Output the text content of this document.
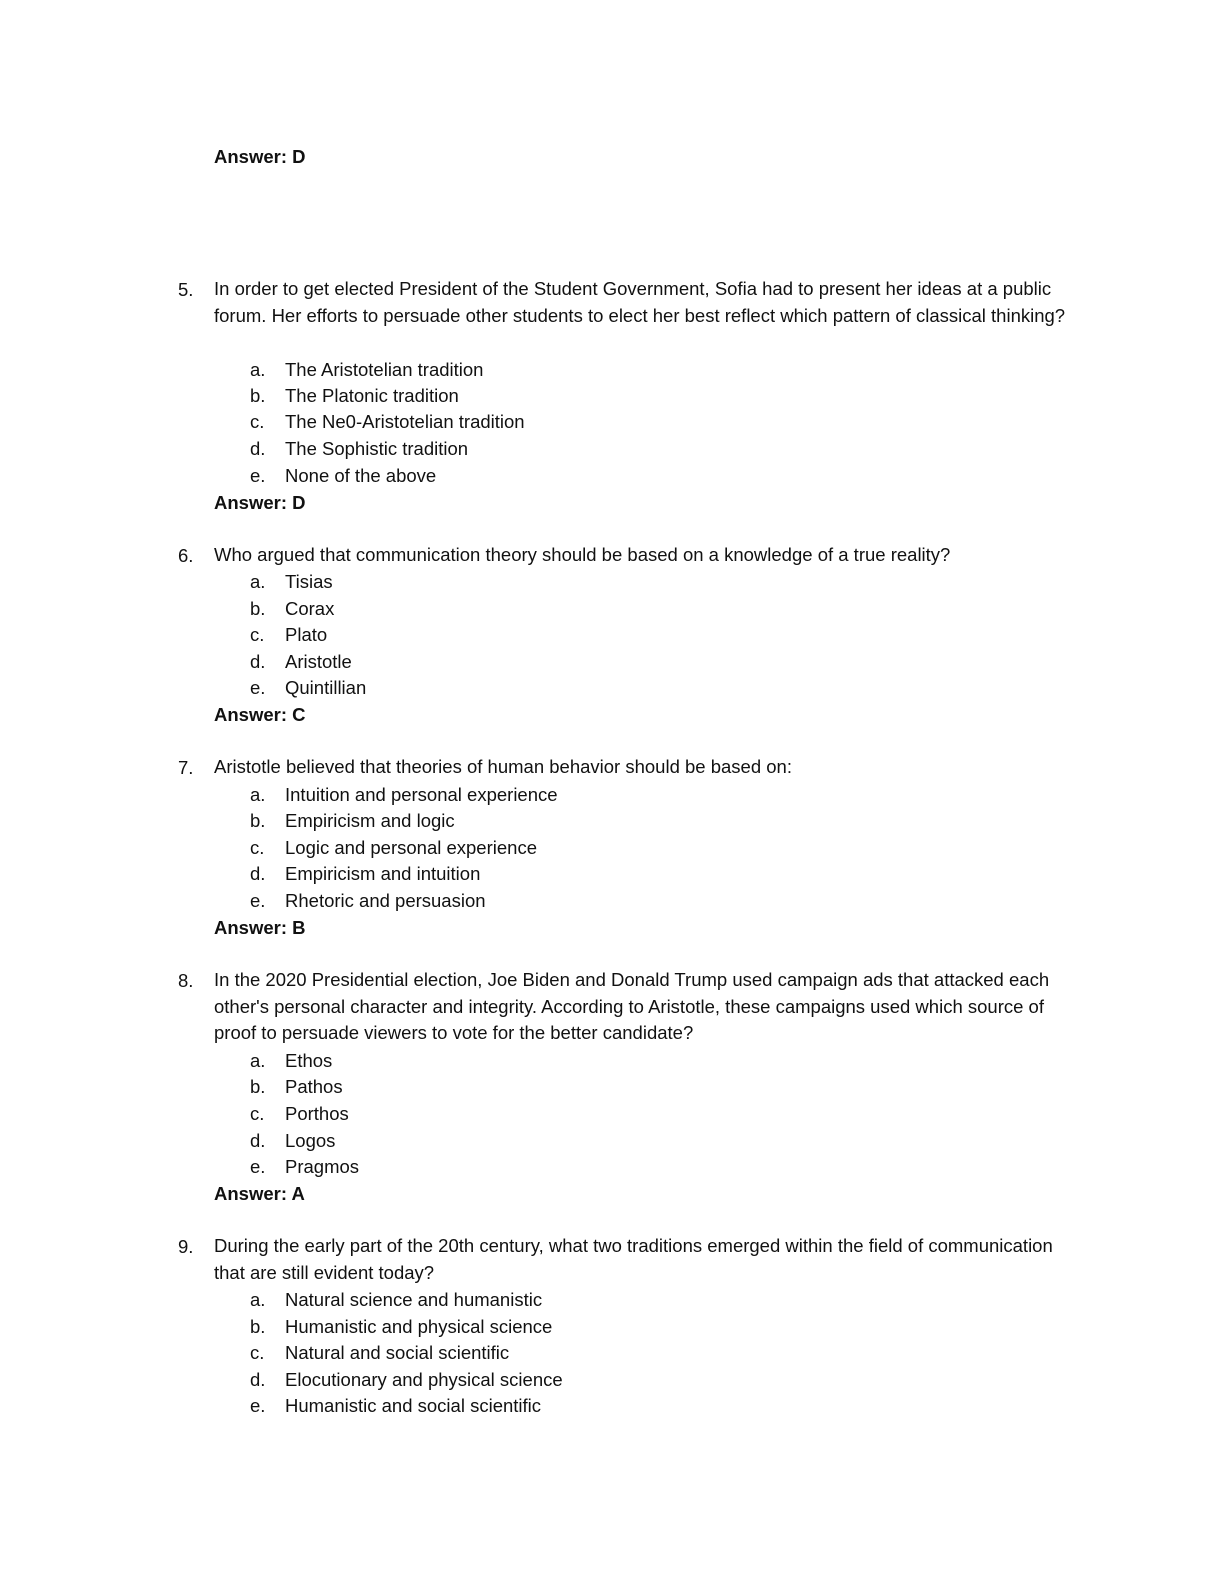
Answer: D
5.	In order to get elected President of the Student Government, Sofia had to present her ideas at a public forum. Her efforts to persuade other students to elect her best reflect which pattern of classical thinking?
a.	The Aristotelian tradition
b.	The Platonic tradition
c.	The Ne0-Aristotelian tradition
d.	The Sophistic tradition
e.	None of the above
Answer: D
6.	Who argued that communication theory should be based on a knowledge of a true reality?
a.	Tisias
b.	Corax
c.	Plato
d.	Aristotle
e.	Quintillian
Answer: C
7.	Aristotle believed that theories of human behavior should be based on:
a.	Intuition and personal experience
b.	Empiricism and logic
c.	Logic and personal experience
d.	Empiricism and intuition
e.	Rhetoric and persuasion
Answer: B
8.	In the 2020 Presidential election, Joe Biden and Donald Trump used campaign ads that attacked each other's personal character and integrity. According to Aristotle, these campaigns used which source of proof to persuade viewers to vote for the better candidate?
a.	Ethos
b.	Pathos
c.	Porthos
d.	Logos
e.	Pragmos
Answer: A
9.	During the early part of the 20th century, what two traditions emerged within the field of communication that are still evident today?
a.	Natural science and humanistic
b.	Humanistic and physical science
c.	Natural and social scientific
d.	Elocutionary and physical science
e.	Humanistic and social scientific
